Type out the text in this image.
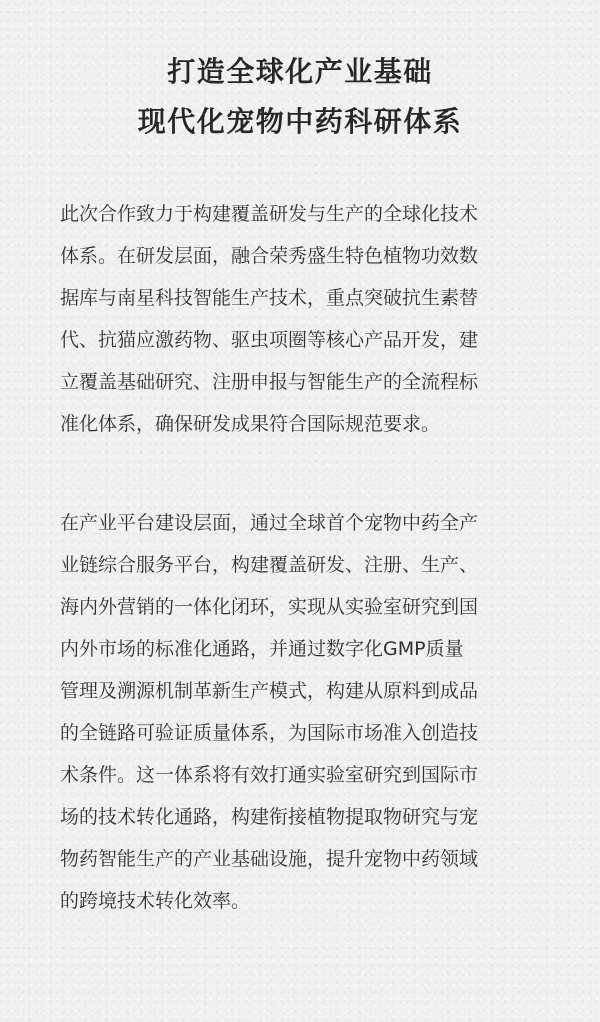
打造全球化产业基础
现代化宠物中药科研体系
此次合作致力于构建覆盖研发与生产的全球化技术
体系。在研发层面，融合荣秀盛生特色植物功效数
据库与南星科技智能生产技术，重点突破抗生素替
代、抗猫应激药物、驱虫项圈等核心产品开发，建
立覆盖基础研究、注册申报与智能生产的全流程标
准化体系，确保研发成果符合国际规范要求。
在产业平台建设层面，通过全球首个宠物中药全产
业链综合服务平台，构建覆盖研发、注册、生产、
海内外营销的一体化闭环，实现从实验室研究到国
内外市场的标准化通路，并通过数字化GMP质量
管理及溯源机制革新生产模式，构建从原料到成品
的全链路可验证质量体系，为国际市场准入创造技
术条件。这一体系将有效打通实验室研究到国际市
场的技术转化通路，构建衔接植物提取物研究与宠
物药智能生产的产业基础设施，提升宠物中药领域
的跨境技术转化效率。
